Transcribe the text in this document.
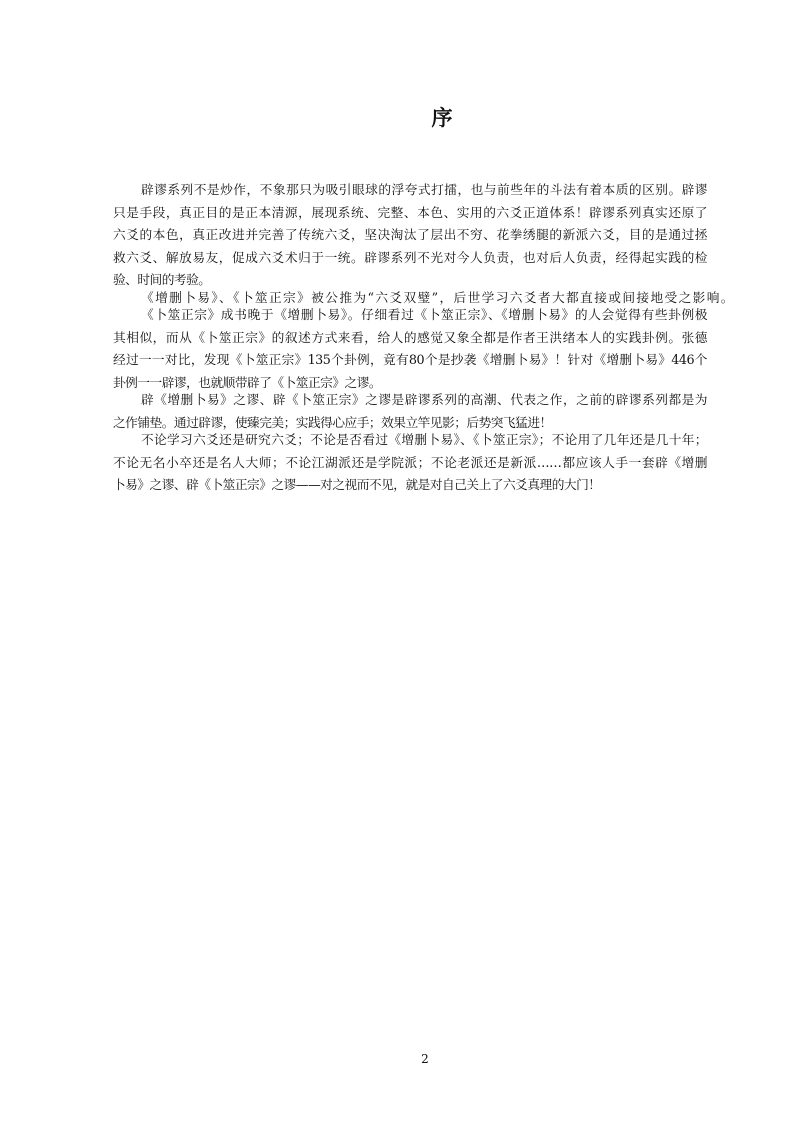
序
辟谬系列不是炒作，不象那只为吸引眼球的浮夸式打擂，也与前些年的斗法有着本质的区别。辟谬
只是手段，真正目的是正本清源，展现系统、完整、本色、实用的六爻正道体系！辟谬系列真实还原了
六爻的本色，真正改进并完善了传统六爻，坚决淘汰了层出不穷、花拳绣腿的新派六爻，目的是通过拯
救六爻、解放易友，促成六爻术归于一统。辟谬系列不光对今人负责，也对后人负责，经得起实践的检
验、时间的考验。
《增删卜易》、《卜筮正宗》被公推为“六爻双璧”，后世学习六爻者大都直接或间接地受之影响。
《卜筮正宗》成书晚于《增删卜易》。仔细看过《卜筮正宗》、《增删卜易》的人会觉得有些卦例极
其相似，而从《卜筮正宗》的叙述方式来看，给人的感觉又象全都是作者王洪绪本人的实践卦例。张德
经过一一对比，发现《卜筮正宗》135个卦例，竟有80个是抄袭《增删卜易》！针对《增删卜易》446个
卦例一一辟谬，也就顺带辟了《卜筮正宗》之谬。
辟《增删卜易》之谬、辟《卜筮正宗》之谬是辟谬系列的高潮、代表之作，之前的辟谬系列都是为
之作铺垫。通过辟谬，使臻完美；实践得心应手；效果立竿见影；后势突飞猛进！
不论学习六爻还是研究六爻；不论是否看过《增删卜易》、《卜筮正宗》；不论用了几年还是几十年；
不论无名小卒还是名人大师；不论江湖派还是学院派；不论老派还是新派……都应该人手一套辟《增删
卜易》之谬、辟《卜筮正宗》之谬——对之视而不见，就是对自己关上了六爻真理的大门！
2
